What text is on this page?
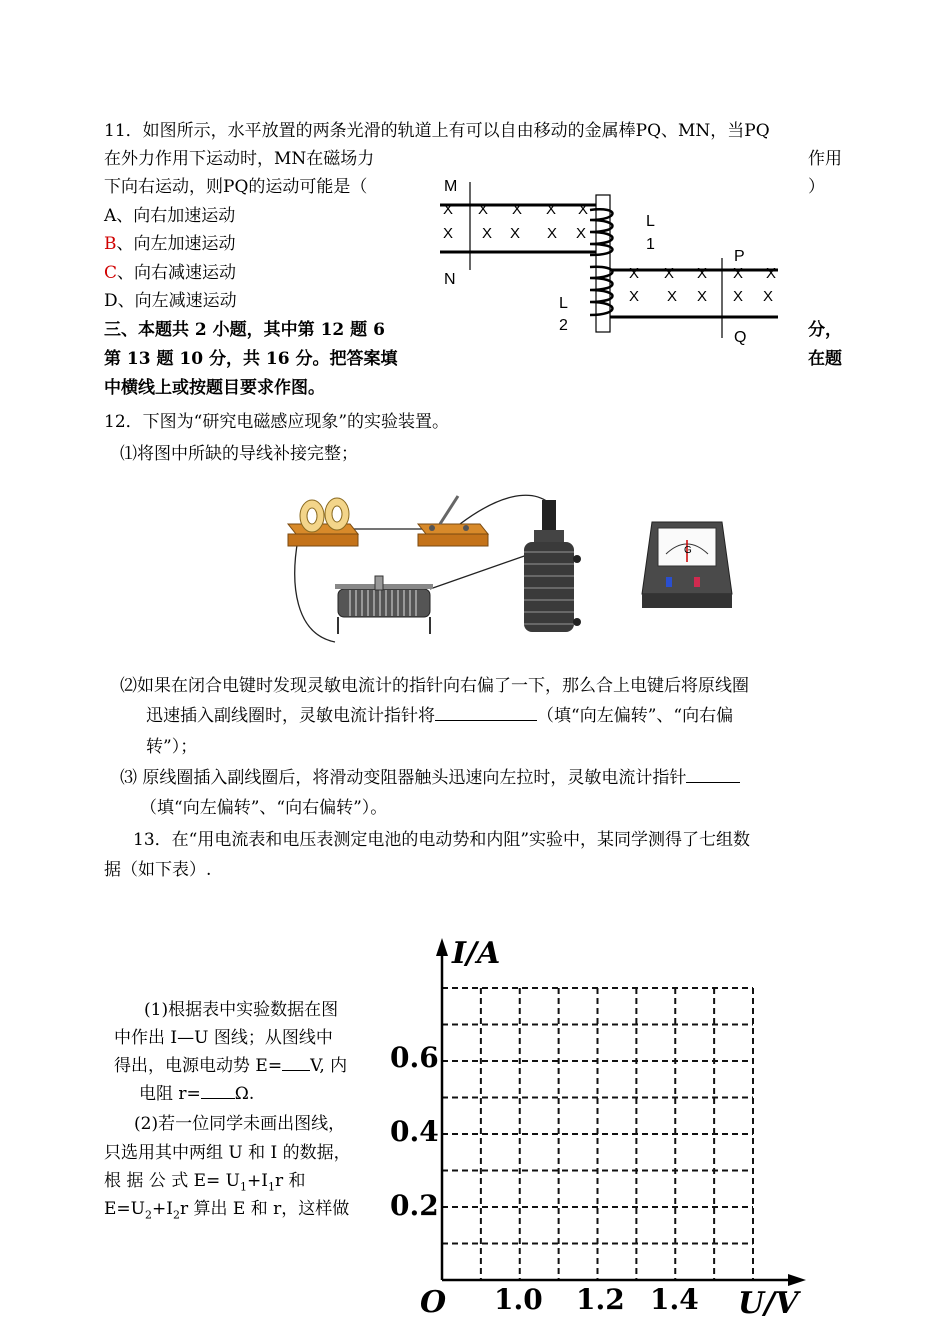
11．如图所示，水平放置的两条光滑的轨道上有可以自由移动的金属棒PQ、MN，当PQ
在外力作用下运动时，MN在磁场力	作用
下向右运动，则PQ的运动可能是（	）
A、向右加速运动
B、向左加速运动
C、向右减速运动
D、向左减速运动
M
N
P
Q
L
1
L
2
X X X X X
X X X X X
X X X X X
X X X X X
三、本题共 2 小题，其中第 12 题 6	分，
第 13 题 10 分，共 16 分。把答案填	在题
中横线上或按题目要求作图。
12．下图为“研究电磁感应现象”的实验装置。
⑴将图中所缺的导线补接完整；
G
⑵如果在闭合电键时发现灵敏电流计的指针向右偏了一下，那么合上电键后将原线圈
迅速插入副线圈时，灵敏电流计指针将	（填“向左偏转”、“向右偏
转”）；
⑶ 原线圈插入副线圈后，将滑动变阻器触头迅速向左拉时，灵敏电流计指针
（填“向左偏转”、“向右偏转”）。
13．在“用电流表和电压表测定电池的电动势和内阻”实验中，某同学测得了七组数
据（如下表）.
(1)根据表中实验数据在图
中作出 I—U 图线；从图线中
得出，电源电动势 E= V, 内
电阻 r= Ω.
(2)若一位同学未画出图线，
只选用其中两组 U 和 I 的数据，
根 据 公 式 $E= U_1+I_1r$ 和
$E=U_2+I_2r$ 算出 E 和 r，这样做
I/A
0.6
0.4
0.2
O 1.0 1.2 1.4 U/V
